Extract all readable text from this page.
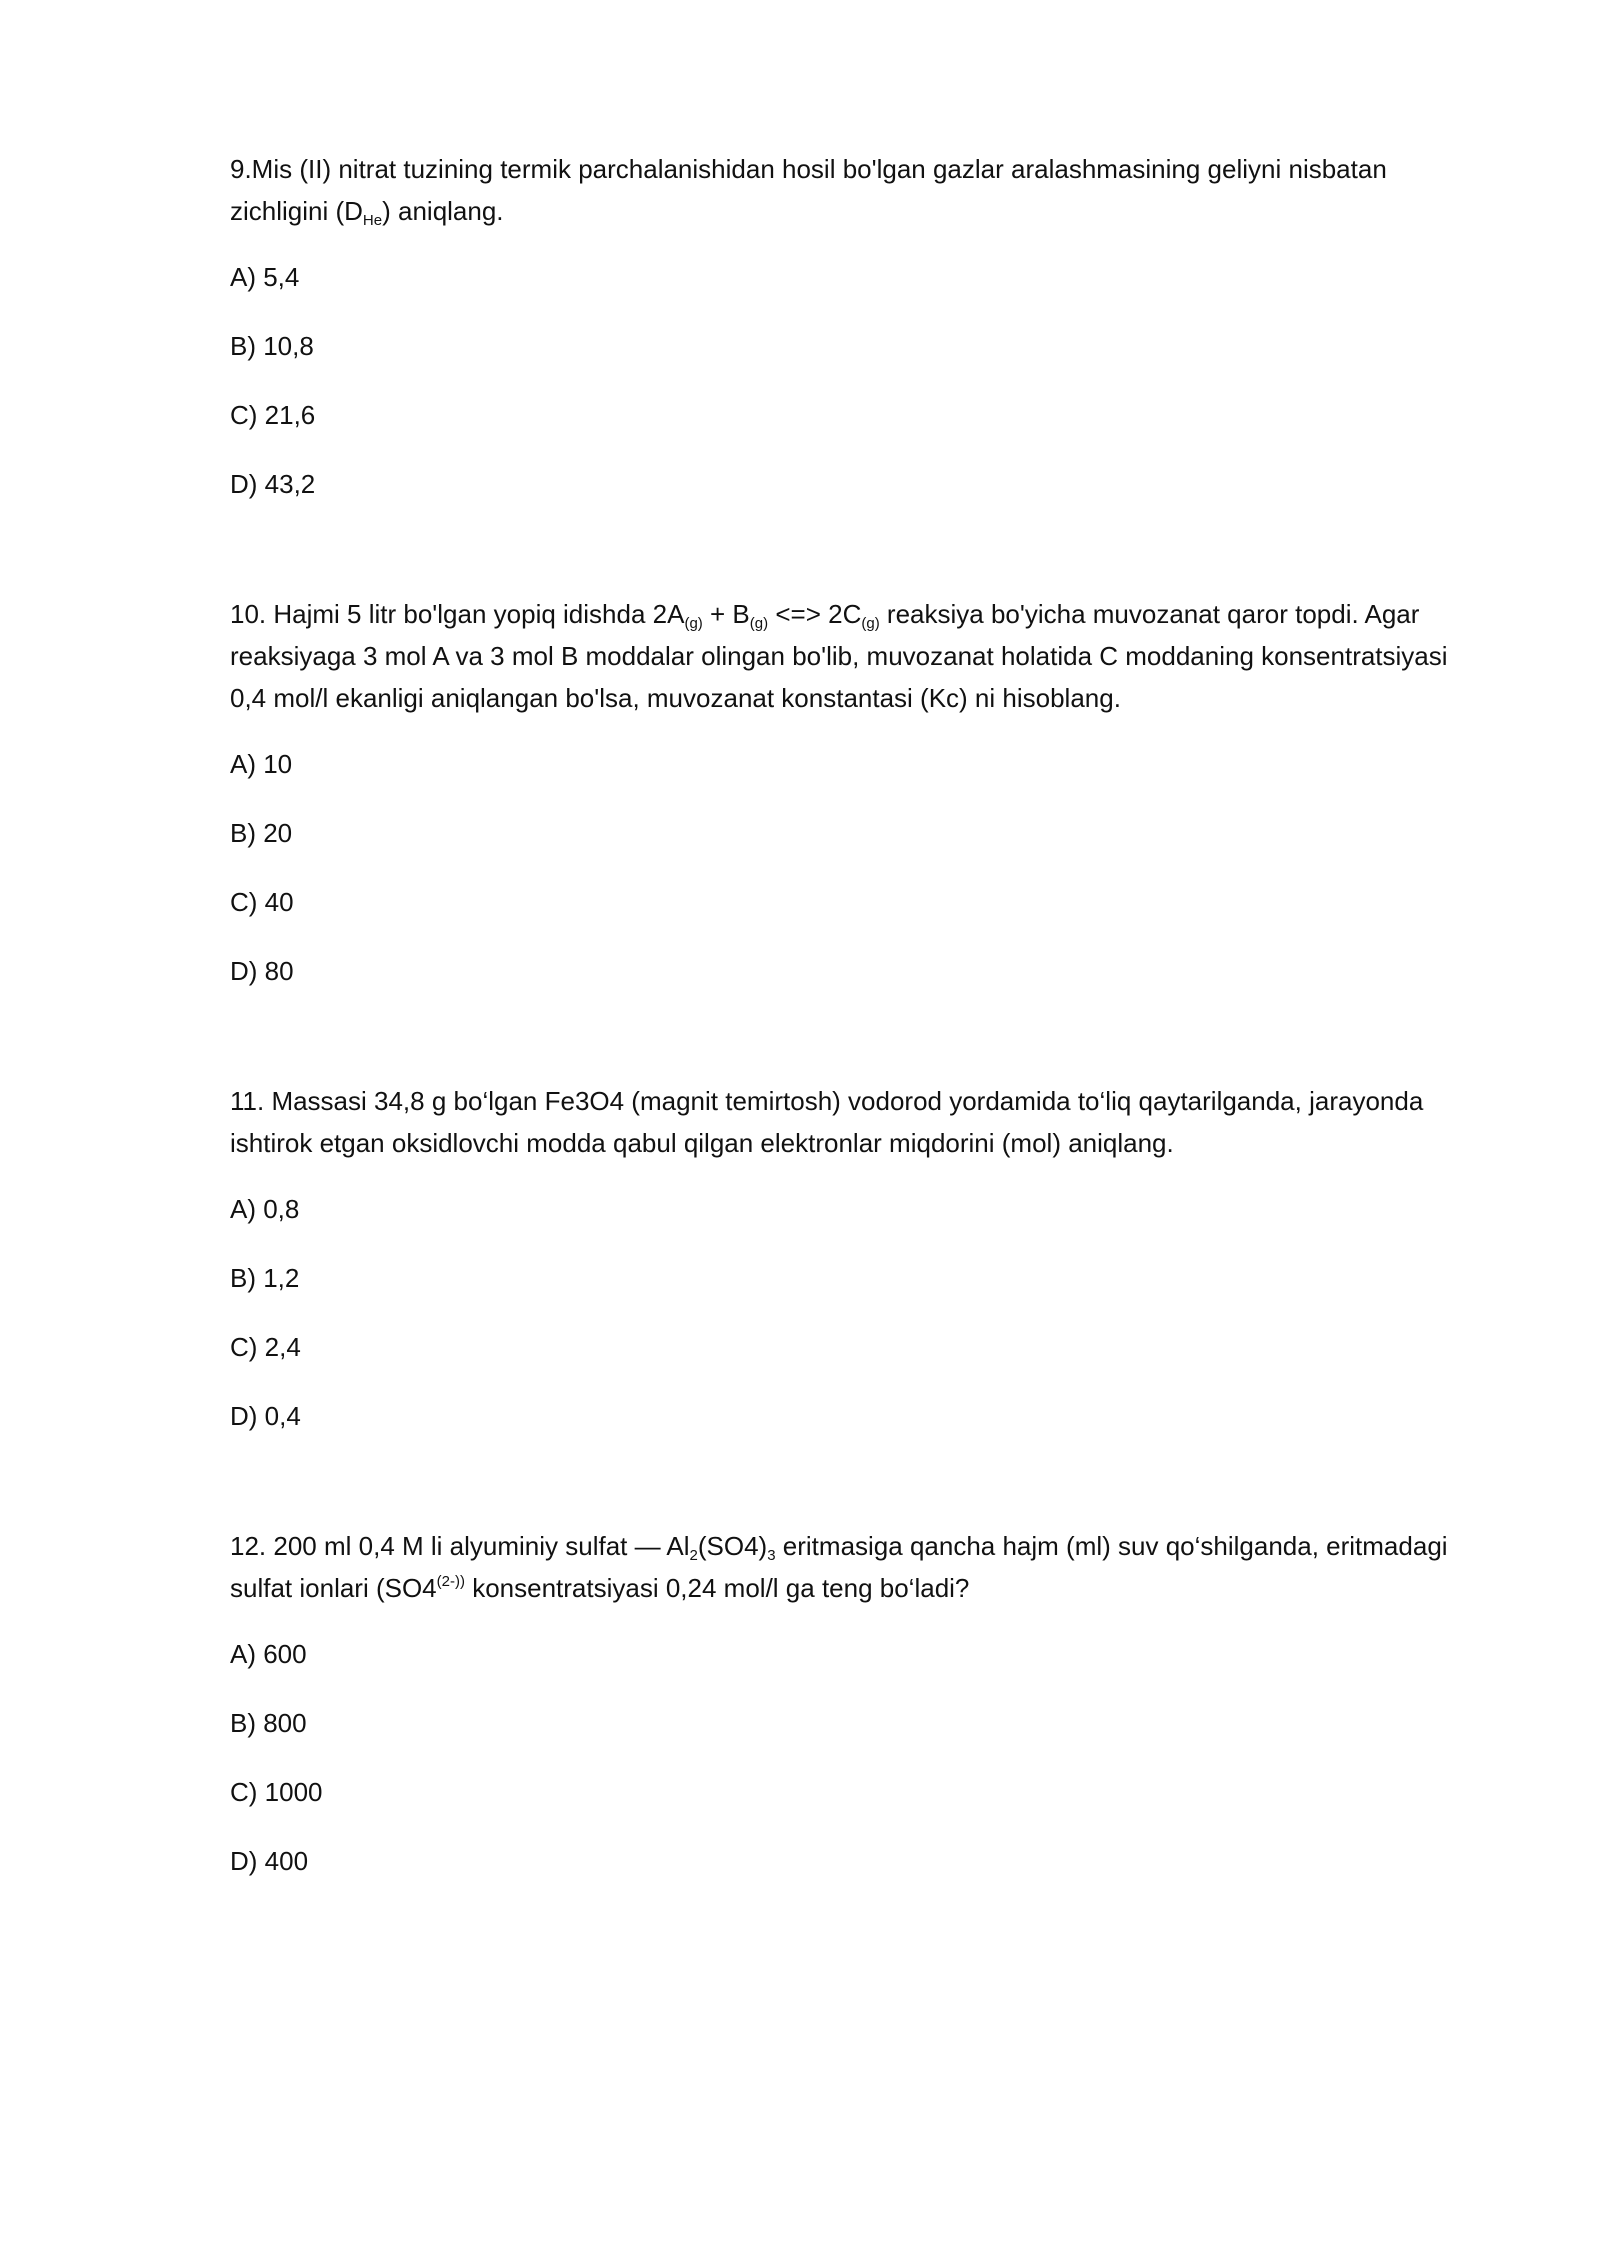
9.Mis (II) nitrat tuzining termik parchalanishidan hosil bo'lgan gazlar aralashmasining geliyni nisbatan zichligini $(D_{He})$ aniqlang.

A) 5,4
B) 10,8
C) 21,6
D) 43,2

10. Hajmi 5 litr bo'lgan yopiq idishda $2A_{(g)} + B_{(g)}$ <=> $2C_{(g)}$ reaksiya bo'yicha muvozanat qaror topdi. Agar reaksiyaga 3 mol A va 3 mol B moddalar olingan bo'lib, muvozanat holatida C moddaning konsentratsiyasi 0,4 mol/l ekanligi aniqlangan bo'lsa, muvozanat konstantasi (Kc) ni hisoblang.

A) 10
B) 20
C) 40
D) 80

11. Massasi 34,8 g bo‘lgan Fe3O4 (magnit temirtosh) vodorod yordamida to‘liq qaytarilganda, jarayonda ishtirok etgan oksidlovchi modda qabul qilgan elektronlar miqdorini (mol) aniqlang.

A) 0,8
B) 1,2
C) 2,4
D) 0,4

12. 200 ml 0,4 M li alyuminiy sulfat — $Al_2(SO4)_3$ eritmasiga qancha hajm (ml) suv qo‘shilganda, eritmadagi sulfat ionlari ($SO4^{(2-))}$ konsentratsiyasi 0,24 mol/l ga teng bo‘ladi?

A) 600
B) 800
C) 1000
D) 400
